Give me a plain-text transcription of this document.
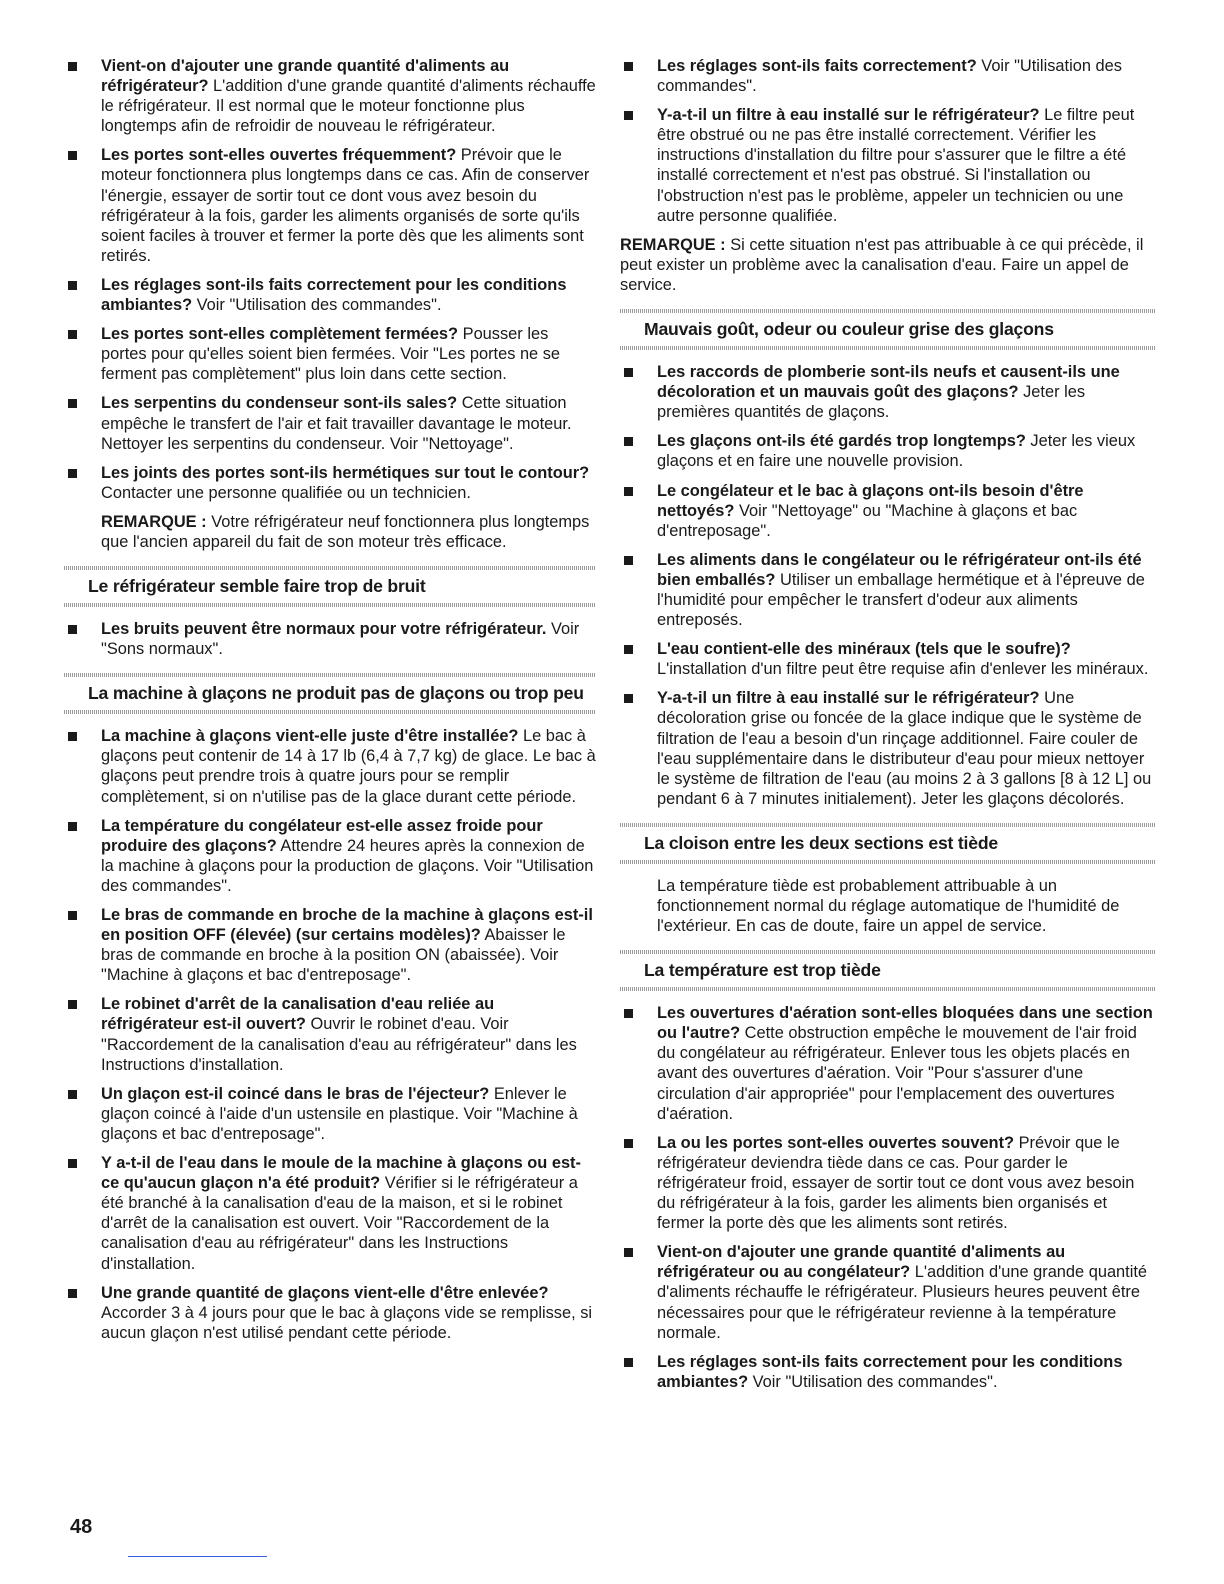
Vient-on d'ajouter une grande quantité d'aliments au réfrigérateur? L'addition d'une grande quantité d'aliments réchauffe le réfrigérateur. Il est normal que le moteur fonctionne plus longtemps afin de refroidir de nouveau le réfrigérateur.
Les portes sont-elles ouvertes fréquemment? Prévoir que le moteur fonctionnera plus longtemps dans ce cas. Afin de conserver l'énergie, essayer de sortir tout ce dont vous avez besoin du réfrigérateur à la fois, garder les aliments organisés de sorte qu'ils soient faciles à trouver et fermer la porte dès que les aliments sont retirés.
Les réglages sont-ils faits correctement pour les conditions ambiantes? Voir "Utilisation des commandes".
Les portes sont-elles complètement fermées? Pousser les portes pour qu'elles soient bien fermées. Voir "Les portes ne se ferment pas complètement" plus loin dans cette section.
Les serpentins du condenseur sont-ils sales? Cette situation empêche le transfert de l'air et fait travailler davantage le moteur. Nettoyer les serpentins du condenseur. Voir "Nettoyage".
Les joints des portes sont-ils hermétiques sur tout le contour? Contacter une personne qualifiée ou un technicien.
REMARQUE : Votre réfrigérateur neuf fonctionnera plus longtemps que l'ancien appareil du fait de son moteur très efficace.
Le réfrigérateur semble faire trop de bruit
Les bruits peuvent être normaux pour votre réfrigérateur. Voir "Sons normaux".
La machine à glaçons ne produit pas de glaçons ou trop peu
La machine à glaçons vient-elle juste d'être installée? Le bac à glaçons peut contenir de 14 à 17 lb (6,4 à 7,7 kg) de glace. Le bac à glaçons peut prendre trois à quatre jours pour se remplir complètement, si on n'utilise pas de la glace durant cette période.
La température du congélateur est-elle assez froide pour produire des glaçons? Attendre 24 heures après la connexion de la machine à glaçons pour la production de glaçons. Voir "Utilisation des commandes".
Le bras de commande en broche de la machine à glaçons est-il en position OFF (élevée) (sur certains modèles)? Abaisser le bras de commande en broche à la position ON (abaissée). Voir "Machine à glaçons et bac d'entreposage".
Le robinet d'arrêt de la canalisation d'eau reliée au réfrigérateur est-il ouvert? Ouvrir le robinet d'eau. Voir "Raccordement de la canalisation d'eau au réfrigérateur" dans les Instructions d'installation.
Un glaçon est-il coincé dans le bras de l'éjecteur? Enlever le glaçon coincé à l'aide d'un ustensile en plastique. Voir "Machine à glaçons et bac d'entreposage".
Y a-t-il de l'eau dans le moule de la machine à glaçons ou est-ce qu'aucun glaçon n'a été produit? Vérifier si le réfrigérateur a été branché à la canalisation d'eau de la maison, et si le robinet d'arrêt de la canalisation est ouvert. Voir "Raccordement de la canalisation d'eau au réfrigérateur" dans les Instructions d'installation.
Une grande quantité de glaçons vient-elle d'être enlevée? Accorder 3 à 4 jours pour que le bac à glaçons vide se remplisse, si aucun glaçon n'est utilisé pendant cette période.
Les réglages sont-ils faits correctement? Voir "Utilisation des commandes".
Y-a-t-il un filtre à eau installé sur le réfrigérateur? Le filtre peut être obstrué ou ne pas être installé correctement. Vérifier les instructions d'installation du filtre pour s'assurer que le filtre a été installé correctement et n'est pas obstrué. Si l'installation ou l'obstruction n'est pas le problème, appeler un technicien ou une autre personne qualifiée.
REMARQUE : Si cette situation n'est pas attribuable à ce qui précède, il peut exister un problème avec la canalisation d'eau. Faire un appel de service.
Mauvais goût, odeur ou couleur grise des glaçons
Les raccords de plomberie sont-ils neufs et causent-ils une décoloration et un mauvais goût des glaçons? Jeter les premières quantités de glaçons.
Les glaçons ont-ils été gardés trop longtemps? Jeter les vieux glaçons et en faire une nouvelle provision.
Le congélateur et le bac à glaçons ont-ils besoin d'être nettoyés? Voir "Nettoyage" ou "Machine à glaçons et bac d'entreposage".
Les aliments dans le congélateur ou le réfrigérateur ont-ils été bien emballés? Utiliser un emballage hermétique et à l'épreuve de l'humidité pour empêcher le transfert d'odeur aux aliments entreposés.
L'eau contient-elle des minéraux (tels que le soufre)? L'installation d'un filtre peut être requise afin d'enlever les minéraux.
Y-a-t-il un filtre à eau installé sur le réfrigérateur? Une décoloration grise ou foncée de la glace indique que le système de filtration de l'eau a besoin d'un rinçage additionnel. Faire couler de l'eau supplémentaire dans le distributeur d'eau pour mieux nettoyer le système de filtration de l'eau (au moins 2 à 3 gallons [8 à 12 L] ou pendant 6 à 7 minutes initialement). Jeter les glaçons décolorés.
La cloison entre les deux sections est tiède
La température tiède est probablement attribuable à un fonctionnement normal du réglage automatique de l'humidité de l'extérieur. En cas de doute, faire un appel de service.
La température est trop tiède
Les ouvertures d'aération sont-elles bloquées dans une section ou l'autre? Cette obstruction empêche le mouvement de l'air froid du congélateur au réfrigérateur. Enlever tous les objets placés en avant des ouvertures d'aération. Voir "Pour s'assurer d'une circulation d'air appropriée" pour l'emplacement des ouvertures d'aération.
La ou les portes sont-elles ouvertes souvent? Prévoir que le réfrigérateur deviendra tiède dans ce cas. Pour garder le réfrigérateur froid, essayer de sortir tout ce dont vous avez besoin du réfrigérateur à la fois, garder les aliments bien organisés et fermer la porte dès que les aliments sont retirés.
Vient-on d'ajouter une grande quantité d'aliments au réfrigérateur ou au congélateur? L'addition d'une grande quantité d'aliments réchauffe le réfrigérateur. Plusieurs heures peuvent être nécessaires pour que le réfrigérateur revienne à la température normale.
Les réglages sont-ils faits correctement pour les conditions ambiantes? Voir "Utilisation des commandes".
48
